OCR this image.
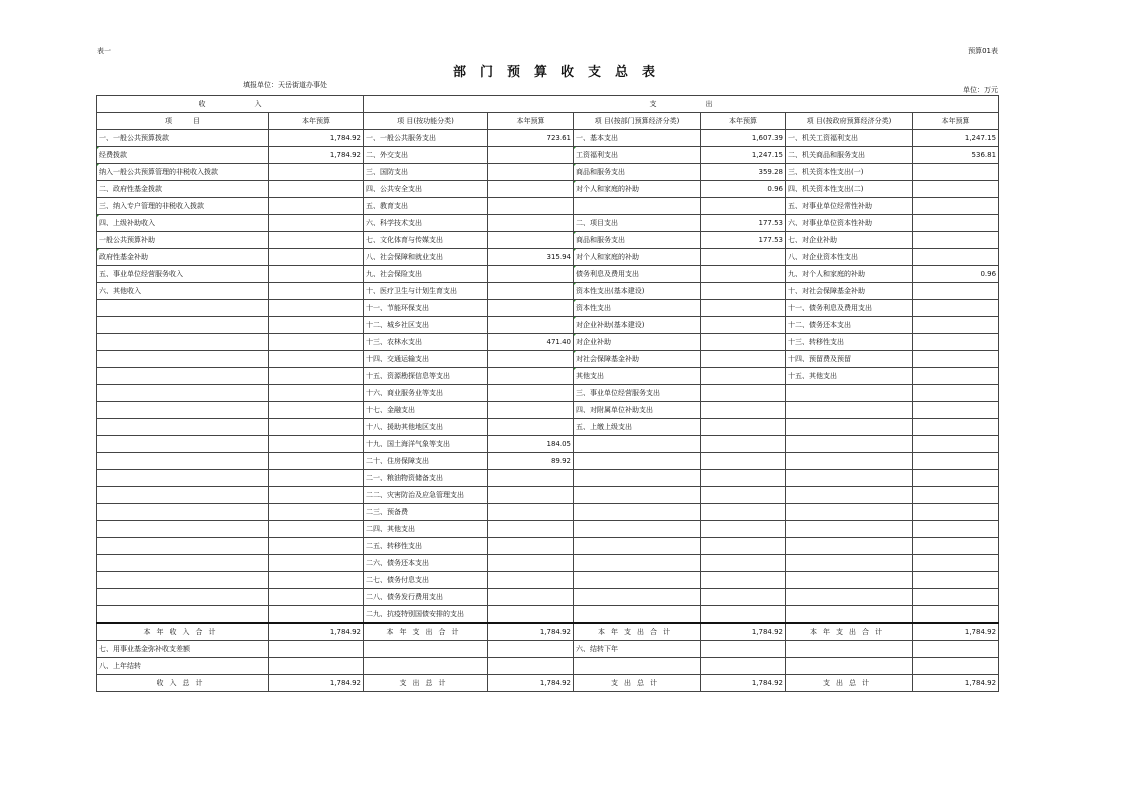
表一	预算01表
部门预算收支总表
填报单位：天岳街道办事处
单位：万元
收　　　　　　　入		支　　　　　　　出					
项　　　目	本年预算	项 目(按功能分类)	本年预算	项 目(按部门预算经济分类)	本年预算	项 目(按政府预算经济分类)	本年预算
一、一般公共预算拨款	1,784.92	一、一般公共服务支出	723.61	一、基本支出	1,607.39	一、机关工资福利支出	1,247.15
经费拨款	1,784.92	二、外交支出		工资福利支出	1,247.15	二、机关商品和服务支出	536.81
纳入一般公共预算管理的非税收入拨款		三、国防支出		商品和服务支出	359.28	三、机关资本性支出(一)	
二、政府性基金拨款		四、公共安全支出		对个人和家庭的补助	0.96	四、机关资本性支出(二)	
三、纳入专户管理的非税收入拨款		五、教育支出				五、对事业单位经常性补助	
四、上级补助收入		六、科学技术支出		二、项目支出	177.53	六、对事业单位资本性补助	
一般公共预算补助		七、文化体育与传媒支出		商品和服务支出	177.53	七、对企业补助	
政府性基金补助		八、社会保障和就业支出	315.94	对个人和家庭的补助		八、对企业资本性支出	
五、事业单位经营服务收入		九、社会保险支出		债务利息及费用支出		九、对个人和家庭的补助	0.96
六、其他收入		十、医疗卫生与计划生育支出		资本性支出(基本建设)		十、对社会保障基金补助	
		十一、节能环保支出		资本性支出		十一、债务利息及费用支出	
		十二、城乡社区支出		对企业补助(基本建设)		十二、债务还本支出	
		十三、农林水支出	471.40	对企业补助		十三、转移性支出	
		十四、交通运输支出		对社会保障基金补助		十四、预留费及预留	
		十五、资源勘探信息等支出		其他支出		十五、其他支出	
		十六、商业服务业等支出		三、事业单位经营服务支出			
		十七、金融支出		四、对附属单位补助支出			
		十八、援助其他地区支出		五、上缴上级支出			
		十九、国土海洋气象等支出	184.05				
		二十、住房保障支出	89.92				
		二一、粮油物资储备支出					
		二二、灾害防治及应急管理支出					
		二三、预备费					
		二四、其他支出					
		二五、转移性支出					
		二六、债务还本支出					
		二七、债务付息支出					
		二八、债务发行费用支出					
		二九、抗疫特别国债安排的支出					
本年收入合计	1,784.92	本年支出合计	1,784.92	本年支出合计	1,784.92	本年支出合计	1,784.92
七、用事业基金弥补收支差额				六、结转下年			
八、上年结转							
收入总计	1,784.92	支出总计	1,784.92	支出总计	1,784.92	支出总计	1,784.92
